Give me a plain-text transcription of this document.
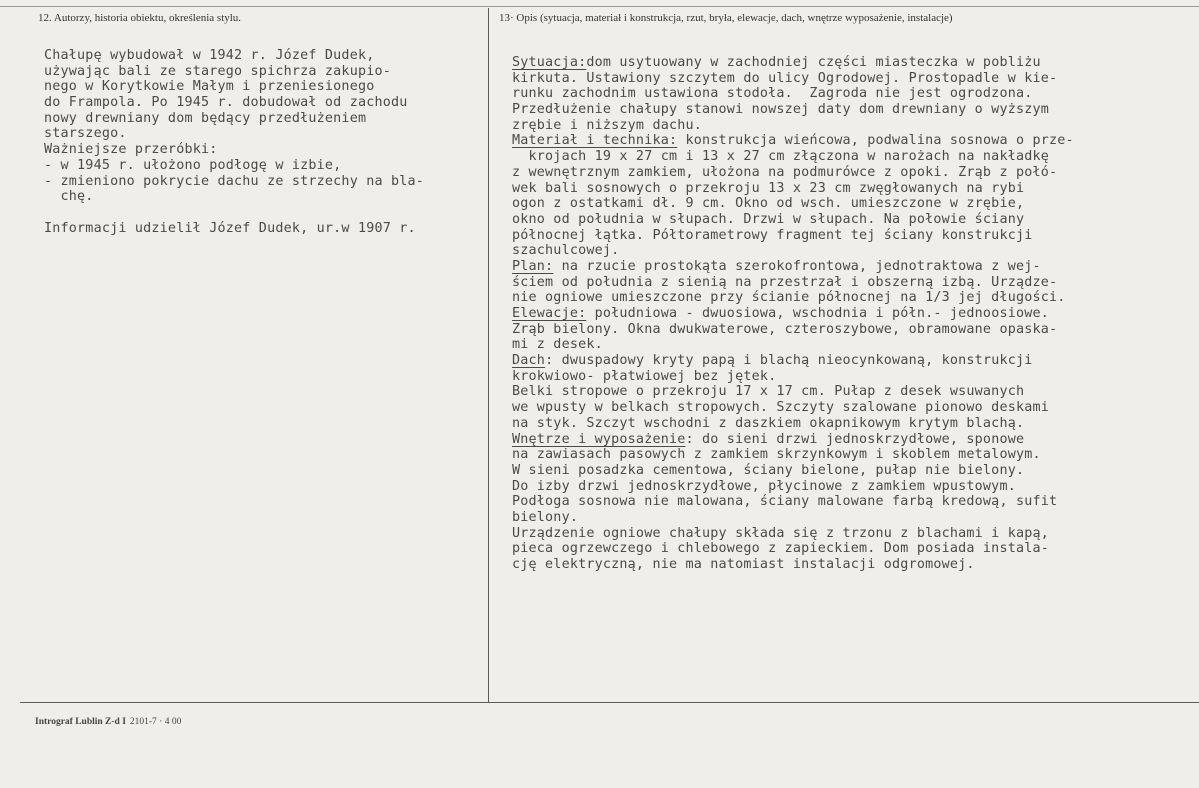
12. Autorzy, historia obiektu, określenia stylu.	13· Opis (sytuacja, materiał i konstrukcja, rzut, bryła, elewacje, dach, wnętrze wyposażenie, instalacje)
Chałupę wybudował w 1942 r. Józef Dudek,
używając bali ze starego spichrza zakupio-
nego w Korytkowie Małym i przeniesionego
do Frampola. Po 1945 r. dobudował od zachodu
nowy drewniany dom będący przedłużeniem
starszego.
Ważniejsze przeróbki:
- w 1945 r. ułożono podłogę w izbie,
- zmieniono pokrycie dachu ze strzechy na bla-
chę.
Informacji udzielił Józef Dudek, ur.w 1907 r.
Sytuacja:dom usytuowany w zachodniej części miasteczka w pobliżu
kirkuta. Ustawiony szczytem do ulicy Ogrodowej. Prostopadle w kie-
runku zachodnim ustawiona stodoła.  Zagroda nie jest ogrodzona.
Przedłużenie chałupy stanowi nowszej daty dom drewniany o wyższym
zrębie i niższym dachu.
Materiał i technika: konstrukcja wieńcowa, podwalina sosnowa o prze-
krojach 19 x 27 cm i 13 x 27 cm złączona w narożach na nakładkę
z wewnętrznym zamkiem, ułożona na podmurówce z opoki. Zrąb z połó-
wek bali sosnowych o przekroju 13 x 23 cm zwęgłowanych na rybi
ogon z ostatkami dł. 9 cm. Okno od wsch. umieszczone w zrębie,
okno od południa w słupach. Drzwi w słupach. Na połowie ściany
północnej łątka. Półtorametrowy fragment tej ściany konstrukcji
szachulcowej.
Plan: na rzucie prostokąta szerokofrontowa, jednotraktowa z wej-
ściem od południa z sienią na przestrzał i obszerną izbą. Urządze-
nie ogniowe umieszczone przy ścianie północnej na 1/3 jej długości.
Elewacje: południowa - dwuosiowa, wschodnia i półn.- jednoosiowe.
Zrąb bielony. Okna dwukwaterowe, czteroszybowe, obramowane opaska-
mi z desek.
Dach: dwuspadowy kryty papą i blachą nieocynkowaną, konstrukcji
krokwiowo- płatwiowej bez jętek.
Belki stropowe o przekroju 17 x 17 cm. Pułap z desek wsuwanych
we wpusty w belkach stropowych. Szczyty szalowane pionowo deskami
na styk. Szczyt wschodni z daszkiem okapnikowym krytym blachą.
Wnętrze i wyposażenie: do sieni drzwi jednoskrzydłowe, sponowe
na zawiasach pasowych z zamkiem skrzynkowym i skoblem metalowym.
W sieni posadzka cementowa, ściany bielone, pułap nie bielony.
Do izby drzwi jednoskrzydłowe, płycinowe z zamkiem wpustowym.
Podłoga sosnowa nie malowana, ściany malowane farbą kredową, sufit
bielony.
Urządzenie ogniowe chałupy składa się z trzonu z blachami i kapą,
pieca ogrzewczego i chlebowego z zapieckiem. Dom posiada instala-
cję elektryczną, nie ma natomiast instalacji odgromowej.
Intrograf Lublin Z-d I 2101-7 · 4 00
